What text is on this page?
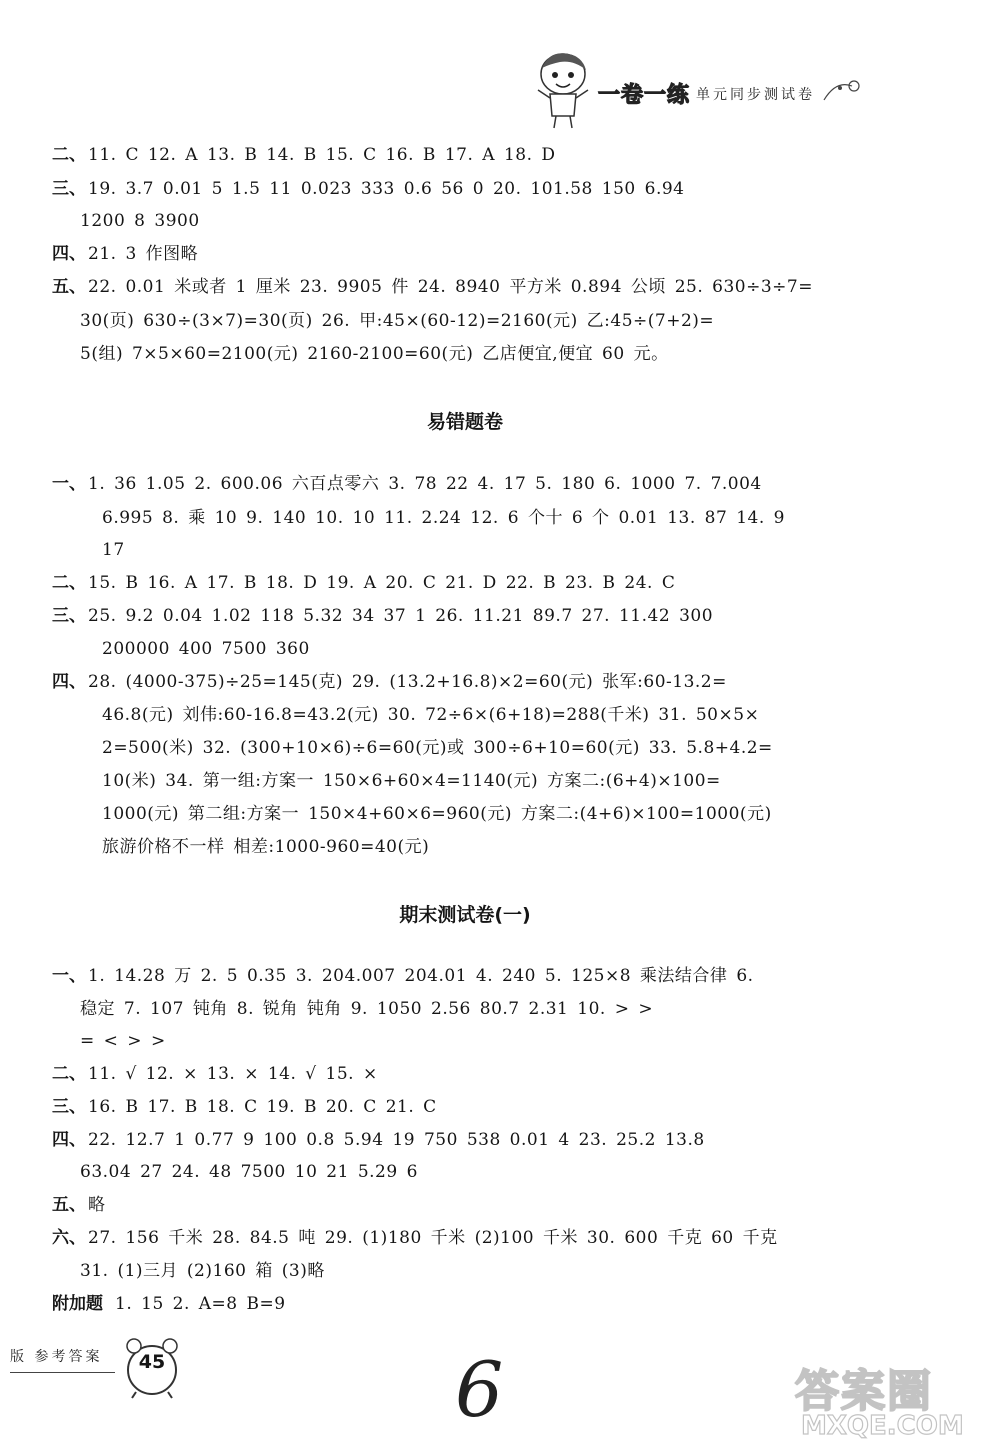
一卷一练 单元同步测试卷
二、 11. C 12. A 13. B 14. B 15. C 16. B 17. A 18. D
三、 19. 3.7 0.01 5 1.5 11 0.023 333 0.6 56 0 20. 101.58 150 6.94
1200 8 3900
四、 21. 3 作图略
五、 22. 0.01 米或者 1 厘米 23. 9905 件 24. 8940 平方米 0.894 公顷 25. 630÷3÷7=
30(页) 630÷(3×7)=30(页) 26. 甲:45×(60-12)=2160(元) 乙:45÷(7+2)=
5(组) 7×5×60=2100(元) 2160-2100=60(元) 乙店便宜,便宜 60 元。
易错题卷
一、 1. 36 1.05 2. 600.06 六百点零六 3. 78 22 4. 17 5. 180 6. 1000 7. 7.004
6.995 8. 乘 10 9. 140 10. 10 11. 2.24 12. 6 个十 6 个 0.01 13. 87 14. 9
17
二、 15. B 16. A 17. B 18. D 19. A 20. C 21. D 22. B 23. B 24. C
三、 25. 9.2 0.04 1.02 118 5.32 34 37 1 26. 11.21 89.7 27. 11.42 300
200000 400 7500 360
四、 28. (4000-375)÷25=145(克) 29. (13.2+16.8)×2=60(元) 张军:60-13.2=
46.8(元) 刘伟:60-16.8=43.2(元) 30. 72÷6×(6+18)=288(千米) 31. 50×5×
2=500(米) 32. (300+10×6)÷6=60(元)或 300÷6+10=60(元) 33. 5.8+4.2=
10(米) 34. 第一组:方案一 150×6+60×4=1140(元) 方案二:(6+4)×100=
1000(元) 第二组:方案一 150×4+60×6=960(元) 方案二:(4+6)×100=1000(元)
旅游价格不一样 相差:1000-960=40(元)
期末测试卷(一)
一、 1. 14.28 万 2. 5 0.35 3. 204.007 204.01 4. 240 5. 125×8 乘法结合律 6.
稳定 7. 107 钝角 8. 锐角 钝角 9. 1050 2.56 80.7 2.31 10. > >
= < > >
二、 11. √ 12. × 13. × 14. √ 15. ×
三、 16. B 17. B 18. C 19. B 20. C 21. C
四、 22. 12.7 1 0.77 9 100 0.8 5.94 19 750 538 0.01 4 23. 25.2 13.8
63.04 27 24. 48 7500 10 21 5.29 6
五、 略
六、 27. 156 千米 28. 84.5 吨 29. (1)180 千米 (2)100 千米 30. 600 千克 60 千克
31. (1)三月 (2)160 箱 (3)略
附加题 1. 15 2. A=8 B=9
版 参考答案	45	6	答案圈
MXQE.COM
